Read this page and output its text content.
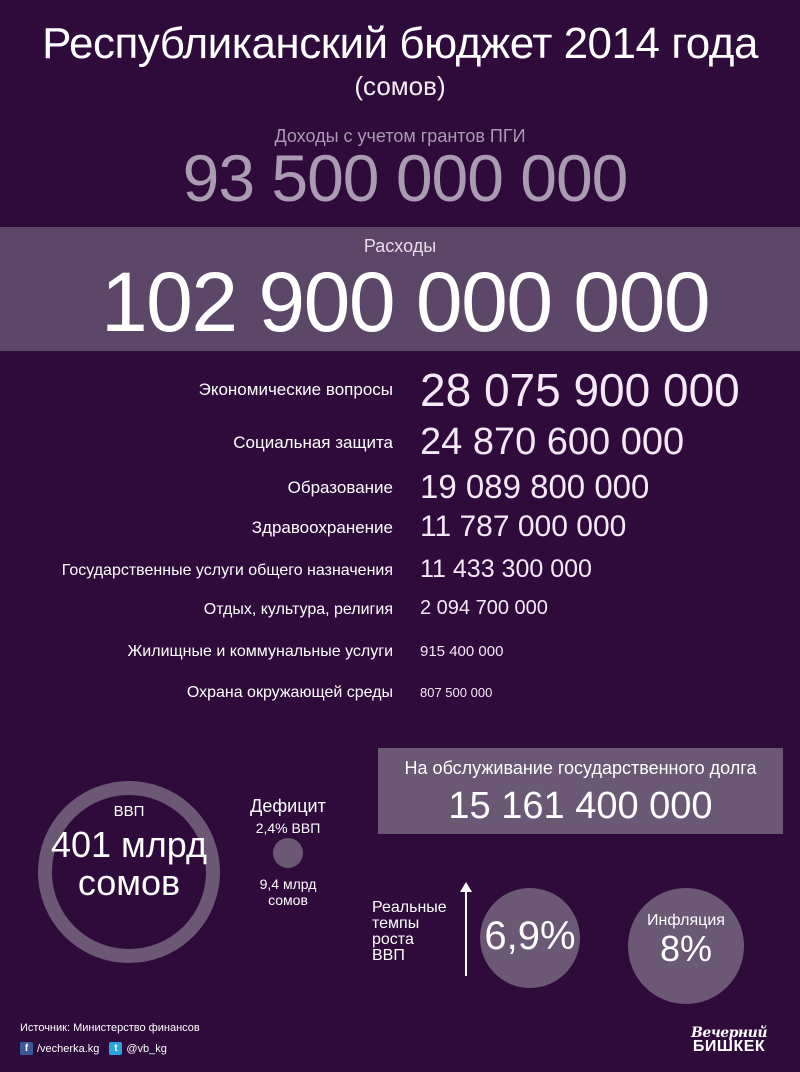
Республиканский бюджет 2014 года
(сомов)
Доходы с учетом грантов ПГИ
93 500 000 000
Расходы
102 900 000 000
Экономические вопросы 28 075 900 000
Социальная защита 24 870 600 000
Образование 19 089 800 000
Здравоохранение 11 787 000 000
Государственные услуги общего назначения 11 433 300 000
Отдых, культура, религия 2 094 700 000
Жилищные и коммунальные услуги 915 400 000
Охрана окружающей среды 807 500 000
На обслуживание государственного долга
15 161 400 000
ВВП
401 млрд
сомов
Дефицит
2,4% ВВП
9,4 млрд
сомов	Реальные
темпы
роста
ВВП	6,9%	Инфляция
8%
Источник: Министерство финансов
f /vecherka.kg	t @vb_kg
Вечерний
БИШКЕК
